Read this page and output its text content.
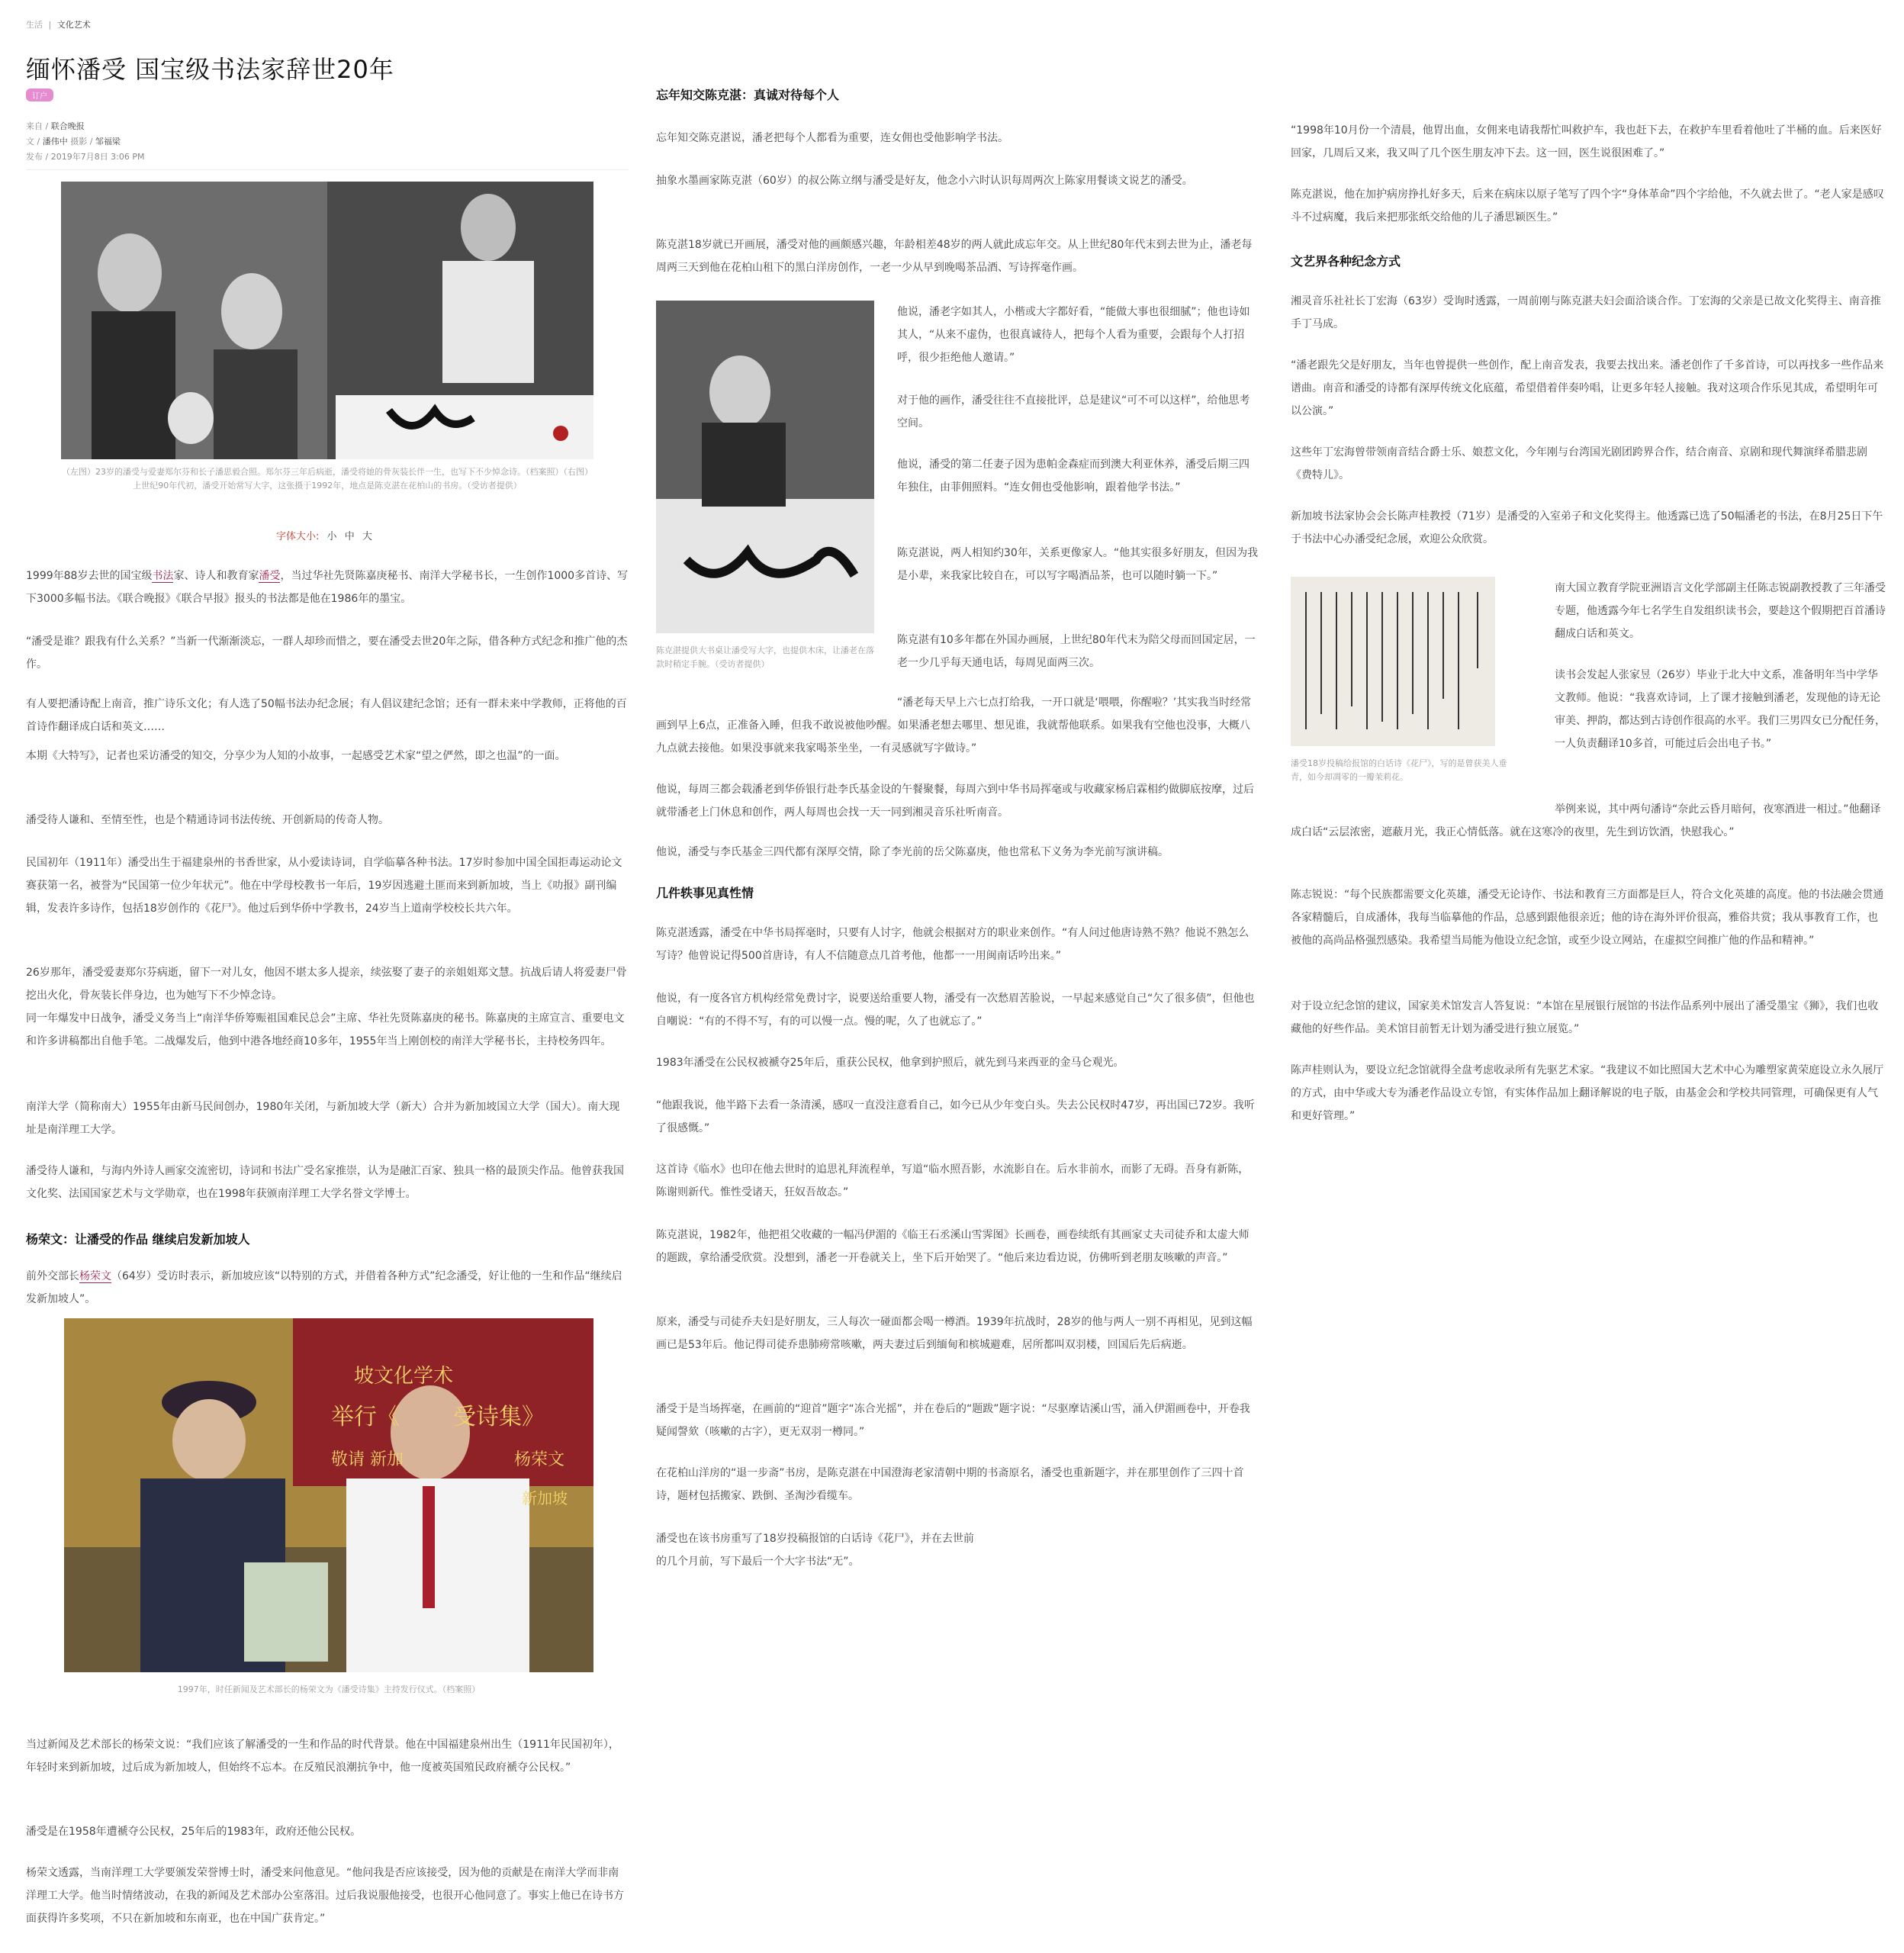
生活 | 文化艺术
缅怀潘受 国宝级书法家辞世20年
订户
来自 / 联合晚报
文 / 潘伟中 摄影 / 邹福梁
发布 / 2019年7月8日 3:06 PM
（左图）23岁的潘受与爱妻郑尔芬和长子潘思毅合照。郑尔芬三年后病逝，潘受将她的骨灰装长伴一生，也写下不少悼念诗。（档案照）（右图）上世纪90年代初，潘受开始常写大字，这张摄于1992年，地点是陈克湛在花柏山的书房。（受访者提供）
字体大小: 小 中 大

1999年88岁去世的国宝级书法家、诗人和教育家潘受，当过华社先贤陈嘉庚秘书、南洋大学秘书长，一生创作1000多首诗、写下3000多幅书法。《联合晚报》《联合早报》报头的书法都是他在1986年的墨宝。

“潘受是谁？跟我有什么关系？”当新一代渐渐淡忘，一群人却珍而惜之，要在潘受去世20年之际，借各种方式纪念和推广他的杰作。

有人要把潘诗配上南音，推广诗乐文化；有人选了50幅书法办纪念展；有人倡议建纪念馆；还有一群未来中学教师，正将他的百首诗作翻译成白话和英文……

本期《大特写》，记者也采访潘受的知交，分享少为人知的小故事，一起感受艺术家“望之俨然，即之也温”的一面。

潘受待人谦和、至情至性，也是个精通诗词书法传统、开创新局的传奇人物。

民国初年（1911年）潘受出生于福建泉州的书香世家，从小爱读诗词，自学临摹各种书法。17岁时参加中国全国拒毒运动论文赛获第一名，被誉为“民国第一位少年状元”。他在中学母校教书一年后，19岁因逃避土匪而来到新加坡，当上《叻报》副刊编辑，发表许多诗作，包括18岁创作的《花尸》。他过后到华侨中学教书，24岁当上道南学校校长共六年。

26岁那年，潘受爱妻郑尔芬病逝，留下一对儿女，他因不堪太多人提亲，续弦娶了妻子的亲姐姐郑文慧。抗战后请人将爱妻尸骨挖出火化，骨灰装长伴身边，也为她写下不少悼念诗。

同一年爆发中日战争，潘受义务当上“南洋华侨筹赈祖国难民总会”主席、华社先贤陈嘉庚的秘书。陈嘉庚的主席宣言、重要电文和许多讲稿都出自他手笔。二战爆发后，他到中港各地经商10多年，1955年当上刚创校的南洋大学秘书长，主持校务四年。

南洋大学（简称南大）1955年由新马民间创办，1980年关闭，与新加坡大学（新大）合并为新加坡国立大学（国大）。南大现址是南洋理工大学。

潘受待人谦和，与海内外诗人画家交流密切，诗词和书法广受名家推崇，认为是融汇百家、独具一格的最顶尖作品。他曾获我国文化奖、法国国家艺术与文学勋章，也在1998年获颁南洋理工大学名誉文学博士。

杨荣文：让潘受的作品 继续启发新加坡人

前外交部长杨荣文（64岁）受访时表示，新加坡应该“以特别的方式，并借着各种方式”纪念潘受，好让他的一生和作品“继续启发新加坡人”。

坡文化学术
举行《 受诗集》
敬请 新加	杨荣文
新加坡
1997年，时任新闻及艺术部长的杨荣文为《潘受诗集》主持发行仪式。（档案照）

当过新闻及艺术部长的杨荣文说：“我们应该了解潘受的一生和作品的时代背景。他在中国福建泉州出生（1911年民国初年），年轻时来到新加坡，过后成为新加坡人，但始终不忘本。在反殖民浪潮抗争中，他一度被英国殖民政府褫夺公民权。”

潘受是在1958年遭褫夺公民权，25年后的1983年，政府还他公民权。

杨荣文透露，当南洋理工大学要颁发荣誉博士时，潘受来问他意见。“他问我是否应该接受，因为他的贡献是在南洋大学而非南洋理工大学。他当时情绪波动，在我的新闻及艺术部办公室落泪。过后我说服他接受，也很开心他同意了。事实上他已在诗书方面获得许多奖项，不只在新加坡和东南亚，也在中国广获肯定。”

忘年知交陈克湛：真诚对待每个人

忘年知交陈克湛说，潘老把每个人都看为重要，连女佣也受他影响学书法。

抽象水墨画家陈克湛（60岁）的叔公陈立纲与潘受是好友，他念小六时认识每周两次上陈家用餐谈文说艺的潘受。

陈克湛18岁就已开画展，潘受对他的画颇感兴趣，年龄相差48岁的两人就此成忘年交。从上世纪80年代末到去世为止，潘老每周两三天到他在花柏山租下的黑白洋房创作，一老一少从早到晚喝茶品酒、写诗挥毫作画。

陈克湛提供大书桌让潘受写大字，也提供木床，让潘老在落款时稍定手腕。（受访者提供）

他说，潘老字如其人，小楷或大字都好看，“能做大事也很细腻”；他也诗如其人，“从来不虚伪，也很真诚待人，把每个人看为重要，会跟每个人打招呼，很少拒绝他人邀请。”

对于他的画作，潘受往往不直接批评，总是建议“可不可以这样”，给他思考空间。

他说，潘受的第二任妻子因为患帕金森症而到澳大利亚休养，潘受后期三四年独住，由菲佣照料。“连女佣也受他影响，跟着他学书法。”

陈克湛说，两人相知约30年，关系更像家人。“他其实很多好朋友，但因为我是小辈，来我家比较自在，可以写字喝酒品茶，也可以随时躺一下。”

陈克湛有10多年都在外国办画展，上世纪80年代末为陪父母而回国定居，一老一少几乎每天通电话，每周见面两三次。

“潘老每天早上六七点打给我，一开口就是‘喂喂，你醒啦？’其实我当时经常画到早上6点，正准备入睡，但我不敢说被他吵醒。如果潘老想去哪里、想见谁，我就帮他联系。如果我有空他也没事，大概八九点就去接他。如果没事就来我家喝茶坐坐，一有灵感就写字做诗。”

他说，每周三都会载潘老到华侨银行赴李氏基金设的午餐聚餐，每周六到中华书局挥毫或与收藏家杨启霖相约做脚底按摩，过后就带潘老上门休息和创作，两人每周也会找一天一同到湘灵音乐社听南音。

他说，潘受与李氏基金三四代都有深厚交情，除了李光前的岳父陈嘉庚，他也常私下义务为李光前写演讲稿。

几件轶事见真性情

陈克湛透露，潘受在中华书局挥毫时，只要有人讨字，他就会根据对方的职业来创作。“有人问过他唐诗熟不熟？他说不熟怎么写诗？他曾说记得500首唐诗，有人不信随意点几首考他，他都一一用闽南话吟出来。”

他说，有一度各官方机构经常免费讨字，说要送给重要人物，潘受有一次愁眉苦脸说，一早起来感觉自己“欠了很多债”，但他也自嘲说：“有的不得不写，有的可以慢一点。慢的呢，久了也就忘了。”

1983年潘受在公民权被褫夺25年后，重获公民权，他拿到护照后，就先到马来西亚的金马仑观光。

“他跟我说，他半路下去看一条清溪，感叹一直没注意看自己，如今已从少年变白头。失去公民权时47岁，再出国已72岁。我听了很感慨。”

这首诗《临水》也印在他去世时的追思礼拜流程单，写道“临水照吾影，水流影自在。后水非前水，而影了无碍。吾身有新陈，陈谢则新代。惟性受诸天，狂奴吾故态。”

陈克湛说，1982年，他把祖父收藏的一幅冯伊湄的《临王石丞溪山雪霁图》长画卷，画卷续纸有其画家丈夫司徒乔和太虚大师的题跋，拿给潘受欣赏。没想到，潘老一开卷就关上，坐下后开始哭了。“他后来边看边说，仿佛听到老朋友咳嗽的声音。”

原来，潘受与司徒乔夫妇是好朋友，三人每次一碰面都会喝一樽酒。1939年抗战时，28岁的他与两人一别不再相见，见到这幅画已是53年后。他记得司徒乔患肺痨常咳嗽，两夫妻过后到缅甸和槟城避难，居所都叫双羽楼，回国后先后病逝。

潘受于是当场挥毫，在画前的“迎首”题字“冻合光摇”，并在卷后的“题跋”题字说：“尽驱摩诘溪山雪，涌入伊湄画卷中，开卷我疑闻謦欬（咳嗽的古字），更无双羽一樽同。”

在花柏山洋房的“退一步斋”书房，是陈克湛在中国澄海老家清朝中期的书斋原名，潘受也重新题字，并在那里创作了三四十首诗，题材包括搬家、跌倒、圣淘沙看缆车。

潘受也在该书房重写了18岁投稿报馆的白话诗《花尸》，并在去世前的几个月前，写下最后一个大字书法“无”。

“1998年10月份一个清晨，他胃出血，女佣来电请我帮忙叫救护车，我也赶下去，在救护车里看着他吐了半桶的血。后来医好回家，几周后又来，我又叫了几个医生朋友冲下去。这一回，医生说很困难了。”

陈克湛说，他在加护病房挣扎好多天，后来在病床以原子笔写了四个字“身体革命”四个字给他，不久就去世了。“老人家是感叹斗不过病魔，我后来把那张纸交给他的儿子潘思颖医生。”

文艺界各种纪念方式

湘灵音乐社社长丁宏海（63岁）受询时透露，一周前刚与陈克湛夫妇会面洽谈合作。丁宏海的父亲是已故文化奖得主、南音推手丁马成。

“潘老跟先父是好朋友，当年也曾提供一些创作，配上南音发表，我要去找出来。潘老创作了千多首诗，可以再找多一些作品来谱曲。南音和潘受的诗都有深厚传统文化底蕴，希望借着伴奏吟唱，让更多年轻人接触。我对这项合作乐见其成，希望明年可以公演。”

这些年丁宏海曾带领南音结合爵士乐、娘惹文化，今年刚与台湾国光剧团跨界合作，结合南音、京剧和现代舞演绎希腊悲剧《费特儿》。

新加坡书法家协会会长陈声桂教授（71岁）是潘受的入室弟子和文化奖得主。他透露已选了50幅潘老的书法，在8月25日下午于书法中心办潘受纪念展，欢迎公众欣赏。

潘受18岁投稿给报馆的白话诗《花尸》，写的是曾获美人垂青，如今却凋零的一瓣茉莉花。

南大国立教育学院亚洲语言文化学部副主任陈志锐副教授教了三年潘受专题，他透露今年七名学生自发组织读书会，要趁这个假期把百首潘诗翻成白话和英文。

读书会发起人张家昱（26岁）毕业于北大中文系，准备明年当中学华文教师。他说：“我喜欢诗词，上了课才接触到潘老，发现他的诗无论审美、押韵，都达到古诗创作很高的水平。我们三男四女已分配任务，一人负责翻译10多首，可能过后会出电子书。”

举例来说，其中两句潘诗“奈此云昏月暗何，夜寒酒进一相过。”他翻译成白话“云层浓密，遮蔽月光，我正心情低落。就在这寒冷的夜里，先生到访饮酒，快慰我心。”

陈志锐说：“每个民族都需要文化英雄，潘受无论诗作、书法和教育三方面都是巨人，符合文化英雄的高度。他的书法融会贯通各家精髓后，自成潘体，我每当临摹他的作品，总感到跟他很亲近；他的诗在海外评价很高，雅俗共赏；我从事教育工作，也被他的高尚品格强烈感染。我希望当局能为他设立纪念馆，或至少设立网站，在虚拟空间推广他的作品和精神。”

对于设立纪念馆的建议，国家美术馆发言人答复说：“本馆在星展银行展馆的书法作品系列中展出了潘受墨宝《狮》，我们也收藏他的好些作品。美术馆目前暂无计划为潘受进行独立展览。”

陈声桂则认为，要设立纪念馆就得全盘考虑收录所有先驱艺术家。“我建议不如比照国大艺术中心为雕塑家黄荣庭设立永久展厅的方式，由中华或大专为潘老作品设立专馆，有实体作品加上翻译解说的电子版，由基金会和学校共同管理，可确保更有人气和更好管理。”
